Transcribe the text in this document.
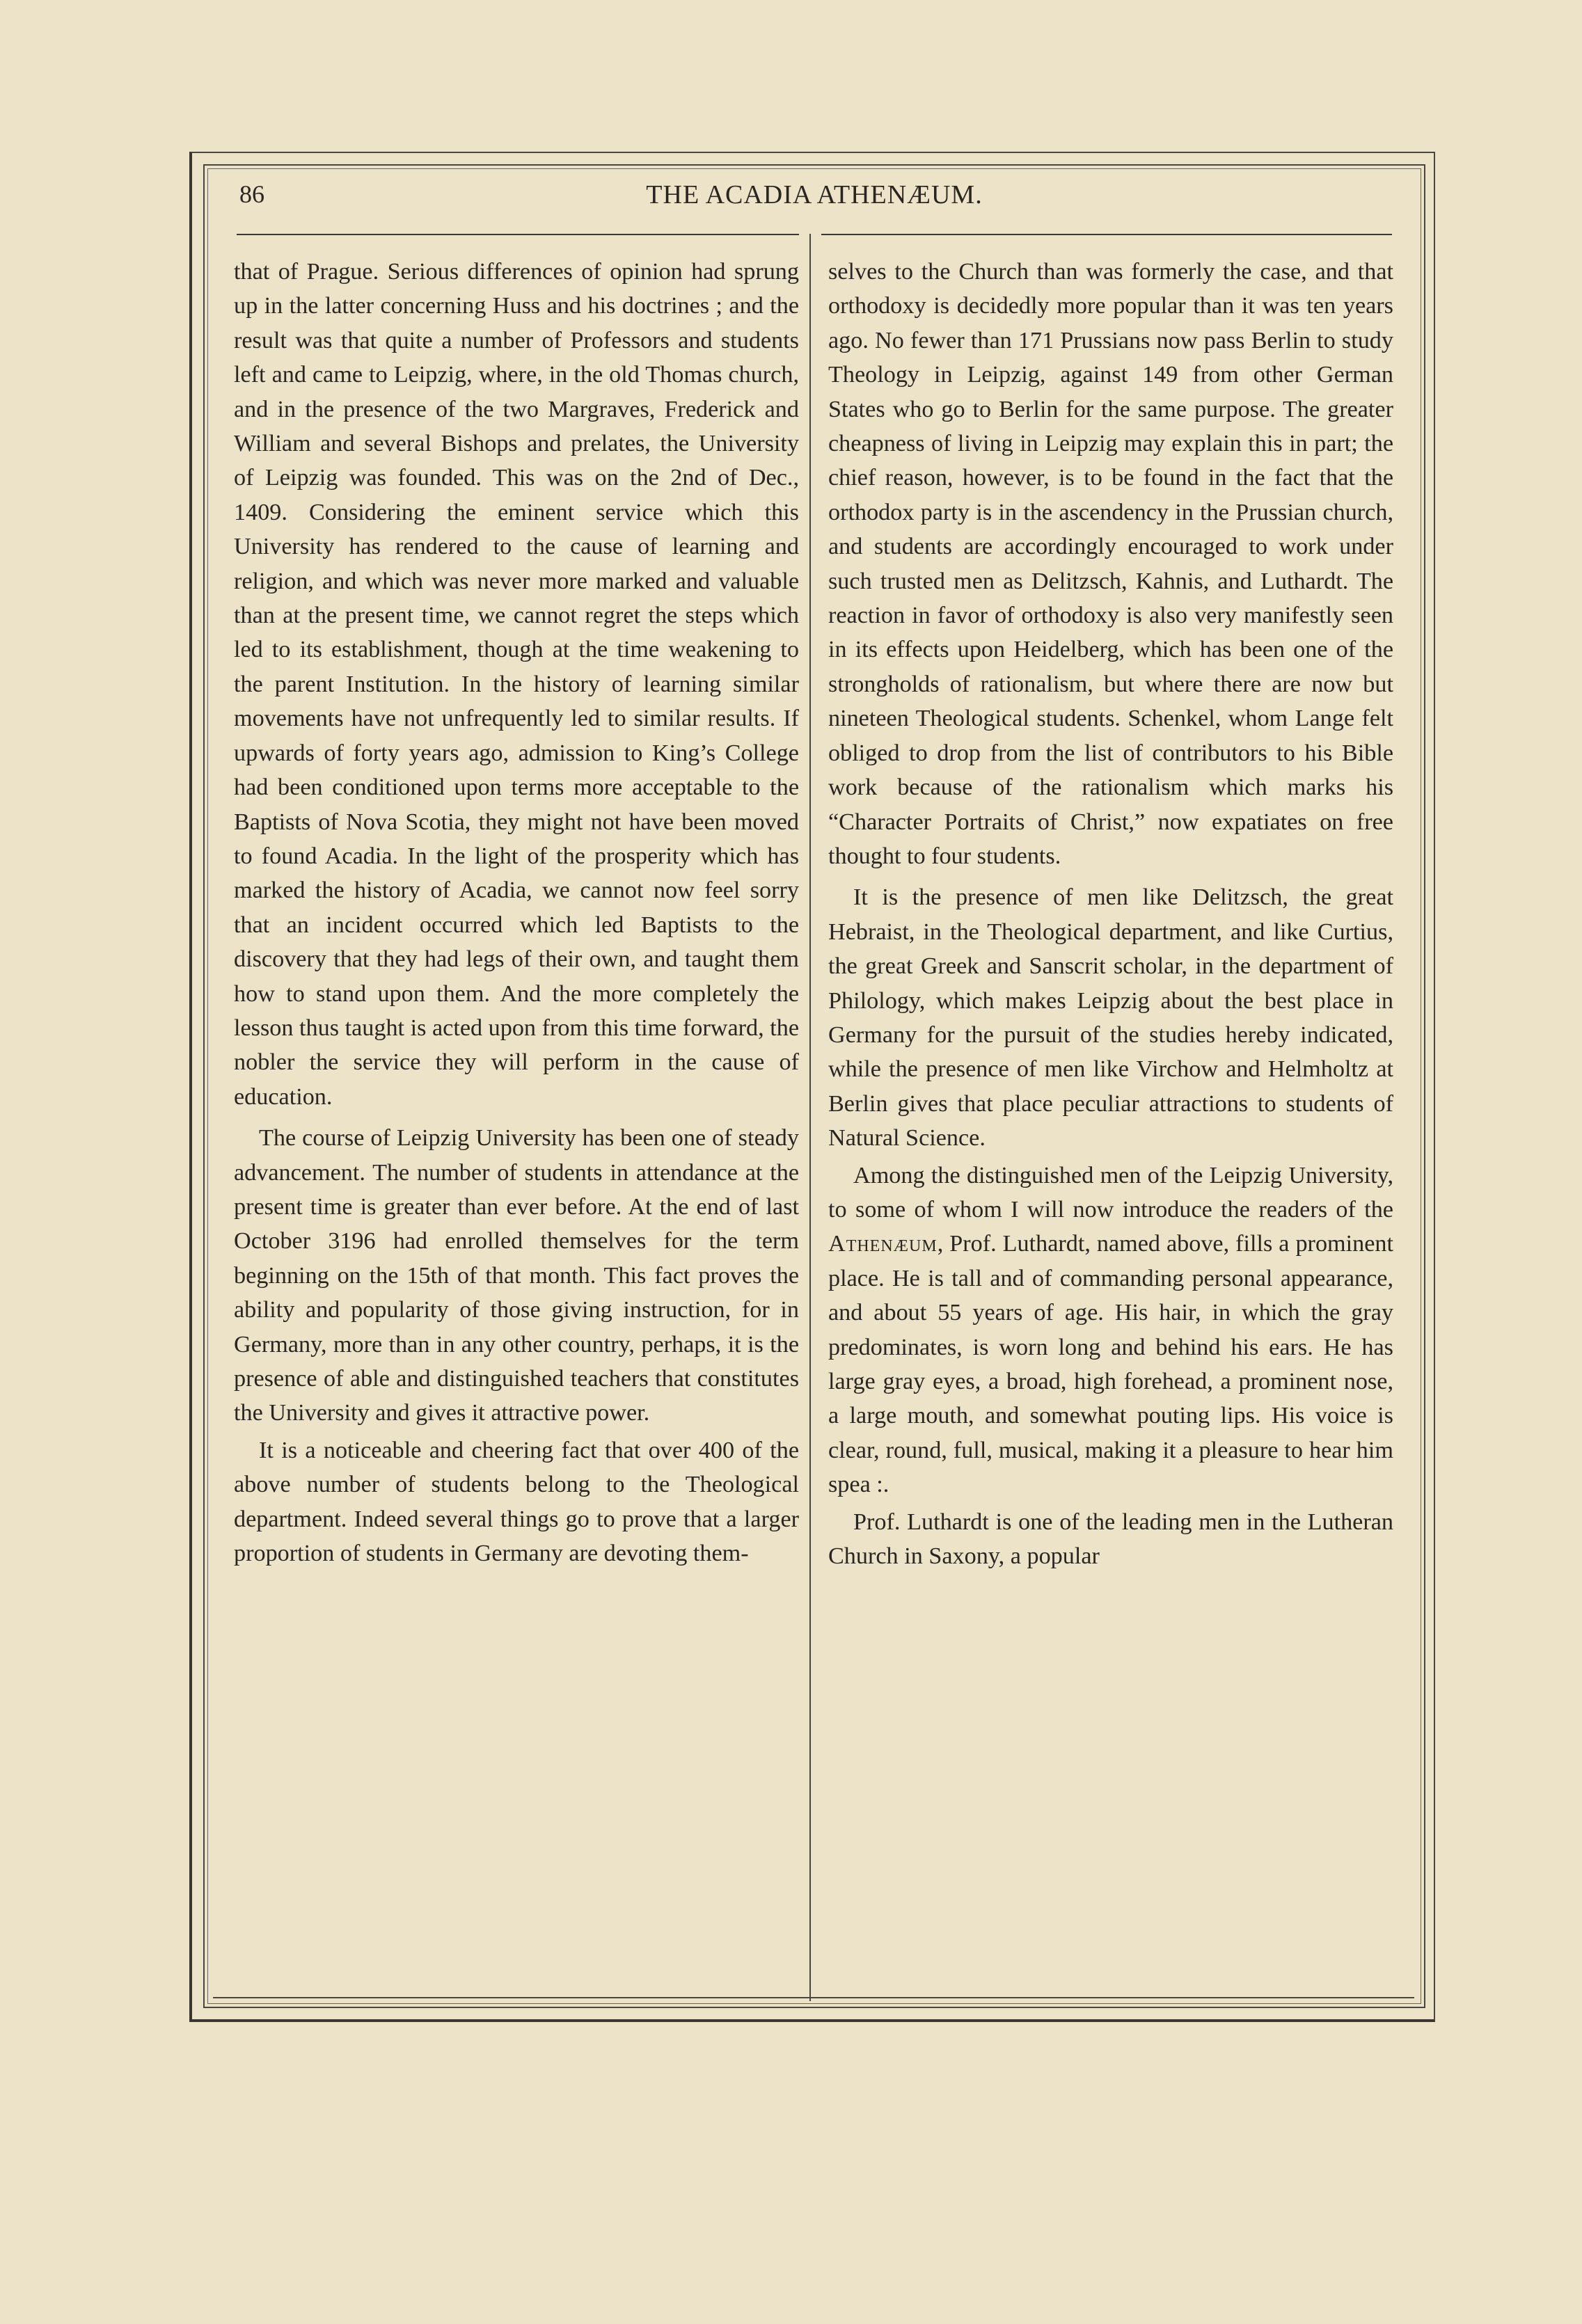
86	THE ACADIA ATHENÆUM.

that of Prague. Serious differences of opinion had sprung up in the latter concerning Huss and his doctrines ; and the result was that quite a number of Professors and students left and came to Leipzig, where, in the old Thomas church, and in the presence of the two Margraves, Frederick and William and several Bishops and prelates, the University of Leipzig was founded. This was on the 2nd of Dec., 1409. Considering the eminent service which this University has rendered to the cause of learning and religion, and which was never more marked and valuable than at the present time, we cannot regret the steps which led to its establishment, though at the time weakening to the parent Institution. In the history of learning similar movements have not unfrequently led to similar results. If upwards of forty years ago, admission to King’s College had been conditioned upon terms more acceptable to the Baptists of Nova Scotia, they might not have been moved to found Acadia. In the light of the prosperity which has marked the history of Acadia, we cannot now feel sorry that an incident occurred which led Baptists to the discovery that they had legs of their own, and taught them how to stand upon them. And the more completely the lesson thus taught is acted upon from this time forward, the nobler the service they will perform in the cause of education.

The course of Leipzig University has been one of steady advancement. The number of students in attendance at the present time is greater than ever before. At the end of last October 3196 had enrolled themselves for the term beginning on the 15th of that month. This fact proves the ability and popularity of those giving instruction, for in Germany, more than in any other country, perhaps, it is the presence of able and distinguished teachers that constitutes the University and gives it attractive power.

It is a noticeable and cheering fact that over 400 of the above number of students belong to the Theological department. Indeed several things go to prove that a larger proportion of students in Germany are devoting them-

selves to the Church than was formerly the case, and that orthodoxy is decidedly more popular than it was ten years ago. No fewer than 171 Prussians now pass Berlin to study Theology in Leipzig, against 149 from other German States who go to Berlin for the same purpose. The greater cheapness of living in Leipzig may explain this in part; the chief reason, however, is to be found in the fact that the orthodox party is in the ascendency in the Prussian church, and students are accordingly encouraged to work under such trusted men as Delitzsch, Kahnis, and Luthardt. The reaction in favor of orthodoxy is also very manifestly seen in its effects upon Heidelberg, which has been one of the strongholds of rationalism, but where there are now but nineteen Theological students. Schenkel, whom Lange felt obliged to drop from the list of contributors to his Bible work because of the rationalism which marks his “Character Portraits of Christ,” now expatiates on free thought to four students.

It is the presence of men like Delitzsch, the great Hebraist, in the Theological department, and like Curtius, the great Greek and Sanscrit scholar, in the department of Philology, which makes Leipzig about the best place in Germany for the pursuit of the studies hereby indicated, while the presence of men like Virchow and Helmholtz at Berlin gives that place peculiar attractions to students of Natural Science.

Among the distinguished men of the Leipzig University, to some of whom I will now introduce the readers of the Athenæum, Prof. Luthardt, named above, fills a prominent place. He is tall and of commanding personal appearance, and about 55 years of age. His hair, in which the gray predominates, is worn long and behind his ears. He has large gray eyes, a broad, high forehead, a prominent nose, a large mouth, and somewhat pouting lips. His voice is clear, round, full, musical, making it a pleasure to hear him spea :.

Prof. Luthardt is one of the leading men in the Lutheran Church in Saxony, a popular
